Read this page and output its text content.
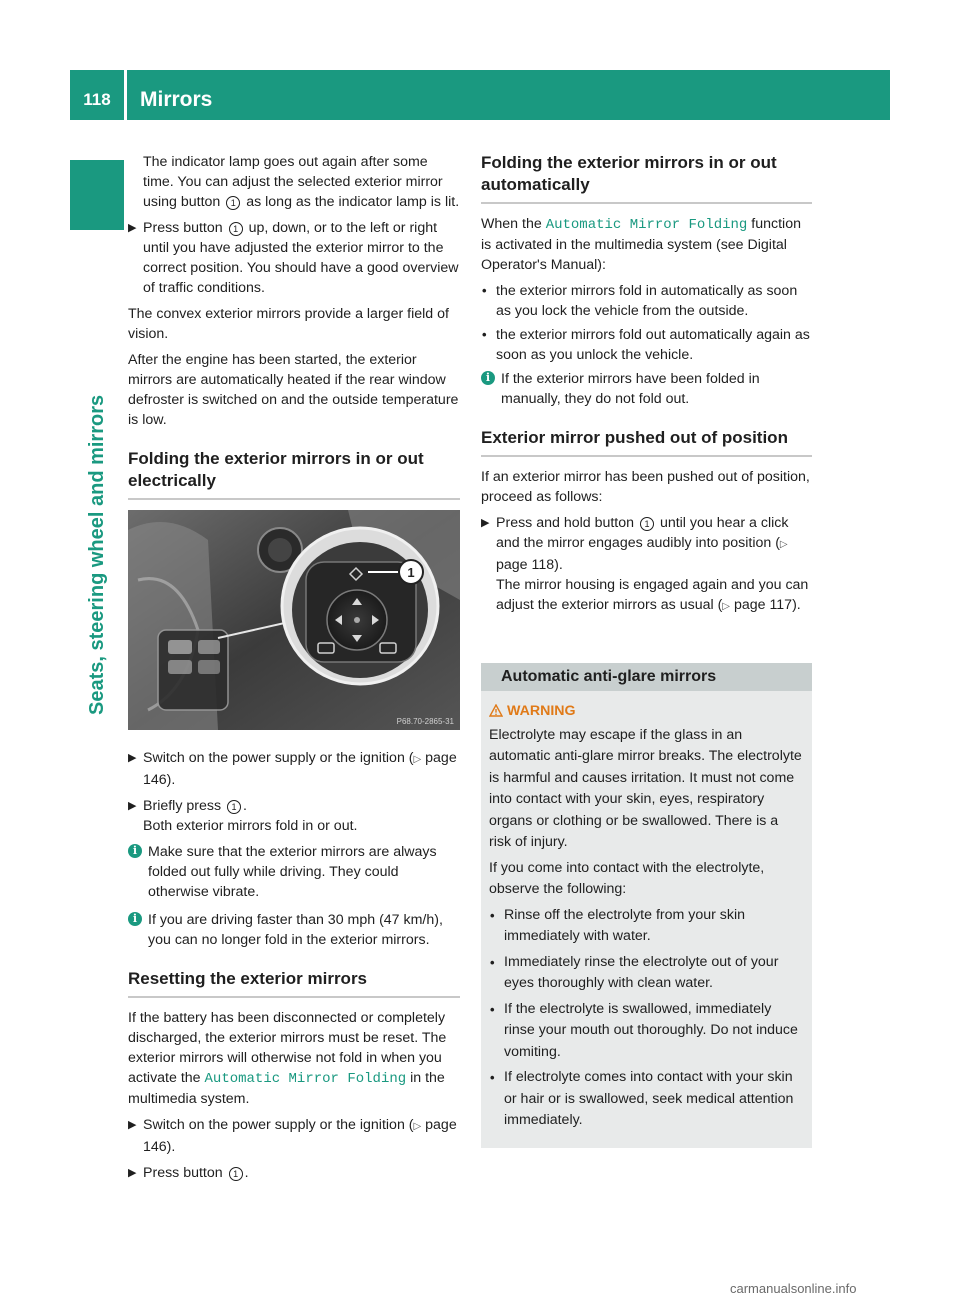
118	Mirrors
Seats, steering wheel and mirrors

The indicator lamp goes out again after some time. You can adjust the selected exterior mirror using button 1 as long as the indicator lamp is lit.

▶ Press button 1 up, down, or to the left or right until you have adjusted the exterior mirror to the correct position. You should have a good overview of traffic conditions.

The convex exterior mirrors provide a larger field of vision.

After the engine has been started, the exterior mirrors are automatically heated if the rear window defroster is switched on and the outside temperature is low.

Folding the exterior mirrors in or out electrically
1
P68.70-2865-31
▶ Switch on the power supply or the ignition (▷ page 146).
▶ Briefly press 1 .
Both exterior mirrors fold in or out.
i Make sure that the exterior mirrors are always folded out fully while driving. They could otherwise vibrate.
i If you are driving faster than 30 mph (47 km/h), you can no longer fold in the exterior mirrors.
Resetting the exterior mirrors

If the battery has been disconnected or completely discharged, the exterior mirrors must be reset. The exterior mirrors will otherwise not fold in when you activate the Automatic Mirror Folding in the multimedia system.

▶ Switch on the power supply or the ignition (▷ page 146).
▶ Press button 1 .
Folding the exterior mirrors in or out automatically

When the Automatic Mirror Folding function is activated in the multimedia system (see Digital Operator's Manual):

• the exterior mirrors fold in automatically as soon as you lock the vehicle from the outside.
• the exterior mirrors fold out automatically again as soon as you unlock the vehicle.
i If the exterior mirrors have been folded in manually, they do not fold out.
Exterior mirror pushed out of position

If an exterior mirror has been pushed out of position, proceed as follows:

▶ Press and hold button 1 until you hear a click and the mirror engages audibly into position (▷ page 118).
The mirror housing is engaged again and you can adjust the exterior mirrors as usual (▷ page 117).
Automatic anti-glare mirrors
WARNING

Electrolyte may escape if the glass in an automatic anti-glare mirror breaks. The electrolyte is harmful and causes irritation. It must not come into contact with your skin, eyes, respiratory organs or clothing or be swallowed. There is a risk of injury.

If you come into contact with the electrolyte, observe the following:

• Rinse off the electrolyte from your skin immediately with water.
• Immediately rinse the electrolyte out of your eyes thoroughly with clean water.
• If the electrolyte is swallowed, immediately rinse your mouth out thoroughly. Do not induce vomiting.
• If electrolyte comes into contact with your skin or hair or is swallowed, seek medical attention immediately.
carmanualsonline.info
